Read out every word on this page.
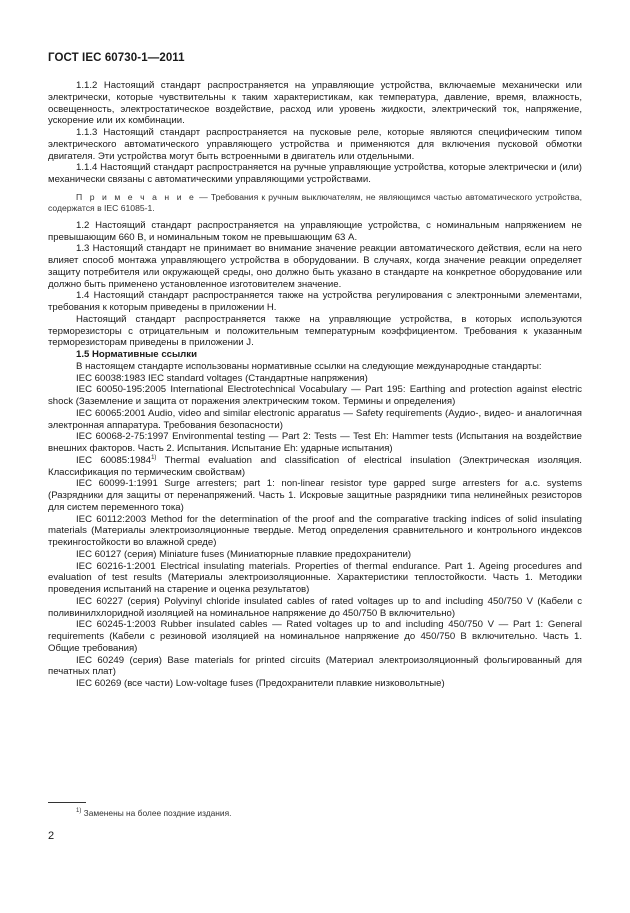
ГОСТ IEC 60730-1—2011

1.1.2 Настоящий стандарт распространяется на управляющие устройства, включаемые механически или электрически, которые чувствительны к таким характеристикам, как температура, давление, время, влажность, освещенность, электростатическое воздействие, расход или уровень жидкости, электрический ток, напряжение, ускорение или их комбинации.

1.1.3 Настоящий стандарт распространяется на пусковые реле, которые являются специфическим типом электрического автоматического управляющего устройства и применяются для включения пусковой обмотки двигателя. Эти устройства могут быть встроенными в двигатель или отдельными.

1.1.4 Настоящий стандарт распространяется на ручные управляющие устройства, которые электрически и (или) механически связаны с автоматическими управляющими устройствами.

П р и м е ч а н и е — Требования к ручным выключателям, не являющимся частью автоматического устройства, содержатся в IEC 61085-1.

1.2 Настоящий стандарт распространяется на управляющие устройства, с номинальным напряжением не превышающим 660 В, и номинальным током не превышающим 63 А.

1.3 Настоящий стандарт не принимает во внимание значение реакции автоматического действия, если на него влияет способ монтажа управляющего устройства в оборудовании. В случаях, когда значение реакции определяет защиту потребителя или окружающей среды, оно должно быть указано в стандарте на конкретное оборудование или должно быть применено установленное изготовителем значение.

1.4 Настоящий стандарт распространяется также на устройства регулирования с электронными элементами, требования к которым приведены в приложении H.

Настоящий стандарт распространяется также на управляющие устройства, в которых используются терморезисторы с отрицательным и положительным температурным коэффициентом. Требования к указанным терморезисторам приведены в приложении J.

1.5 Нормативные ссылки

В настоящем стандарте использованы нормативные ссылки на следующие международные стандарты:

IEC 60038:1983 IEC standard voltages (Стандартные напряжения)

IEC 60050-195:2005 International Electrotechnical Vocabulary — Part 195: Earthing and protection against electric shock (Заземление и защита от поражения электрическим током. Термины и определения)

IEC 60065:2001 Audio, video and similar electronic apparatus — Safety requirements (Аудио-, видео- и аналогичная электронная аппаратура. Требования безопасности)

IEC 60068-2-75:1997 Environmental testing — Part 2: Tests — Test Eh: Hammer tests (Испытания на воздействие внешних факторов. Часть 2. Испытания. Испытание Eh: ударные испытания)

IEC 60085:1984$^{1)}$ Thermal evaluation and classification of electrical insulation (Электрическая изоляция. Классификация по термическим свойствам)

IEC 60099-1:1991 Surge arresters; part 1: non-linear resistor type gapped surge arresters for a.c. systems (Разрядники для защиты от перенапряжений. Часть 1. Искровые защитные разрядники типа нелинейных резисторов для систем переменного тока)

IEC 60112:2003 Method for the determination of the proof and the comparative tracking indices of solid insulating materials (Материалы электроизоляционные твердые. Метод определения сравнительного и контрольного индексов трекингостойкости во влажной среде)

IEC 60127 (серия) Miniature fuses (Миниатюрные плавкие предохранители)

IEC 60216-1:2001 Electrical insulating materials. Properties of thermal endurance. Part 1. Ageing procedures and evaluation of test results (Материалы электроизоляционные. Характеристики теплостойкости. Часть 1. Методики проведения испытаний на старение и оценка результатов)

IEC 60227 (серия) Polyvinyl chloride insulated cables of rated voltages up to and including 450/750 V (Кабели с поливинилхлоридной изоляцией на номинальное напряжение до 450/750 В включительно)

IEC 60245-1:2003 Rubber insulated cables — Rated voltages up to and including 450/750 V — Part 1: General requirements (Кабели с резиновой изоляцией на номинальное напряжение до 450/750 В включительно. Часть 1. Общие требования)

IEC 60249 (серия) Base materials for printed circuits (Материал электроизоляционный фольгированный для печатных плат)

IEC 60269 (все части) Low-voltage fuses (Предохранители плавкие низковольтные)

$^{1)}$ Заменены на более поздние издания.
2
